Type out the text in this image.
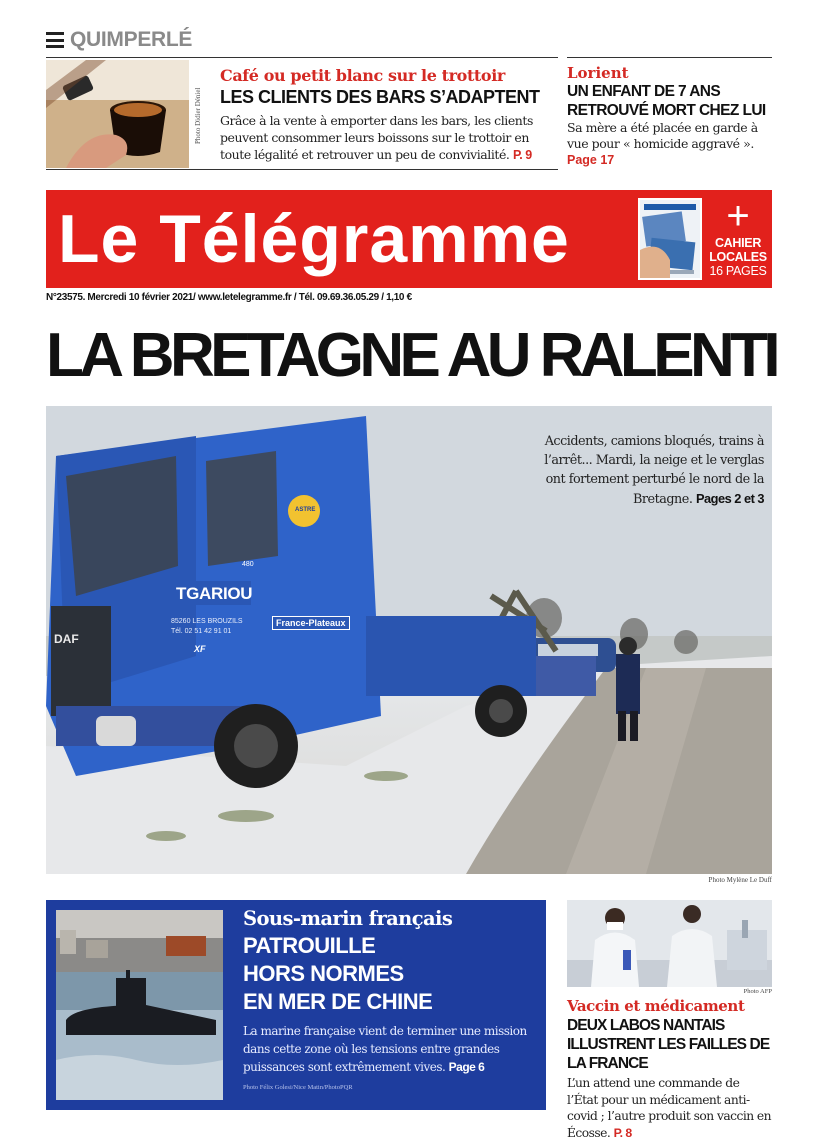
QUIMPERLÉ
Photo Didier Déniel
Café ou petit blanc sur le trottoir
LES CLIENTS DES BARS S’ADAPTENT
Grâce à la vente à emporter dans les bars, les clients peuvent consommer leurs boissons sur le trottoir en toute légalité et retrouver un peu de convivialité. P. 9
Lorient
UN ENFANT DE 7 ANS RETROUVÉ MORT CHEZ LUI
Sa mère a été placée en garde à vue pour « homicide aggravé ».
Page 17
Le Télégramme	+
CAHIER
LOCALES
16 PAGES
N°23575. Mercredi 10 février 2021/ www.letelegramme.fr / Tél. 09.69.36.05.29 / 1,10 €
LA BRETAGNE AU RALENTI
TGARIOU
85260 LES BROUZILS
Tél. 02 51 42 91 01
France-Plateaux
DAF
XF
480
ASTRE
Accidents, camions bloqués, trains à l’arrêt... Mardi, la neige et le verglas ont fortement perturbé le nord de la Bretagne. Pages 2 et 3
Photo Mylène Le Duff
Sous-marin français
PATROUILLE
HORS NORMES
EN MER DE CHINE
La marine française vient de terminer une mission dans cette zone où les tensions entre grandes puissances sont extrêmement vives. Page 6
Photo Félix Golesi/Nice Matin/PhotoPQR
Photo AFP
Vaccin et médicament DEUX LABOS NANTAIS ILLUSTRENT LES FAILLES DE LA FRANCE
L’un attend une commande de l’État pour un médicament anti-covid ; l’autre produit son vaccin en Écosse. P. 8
